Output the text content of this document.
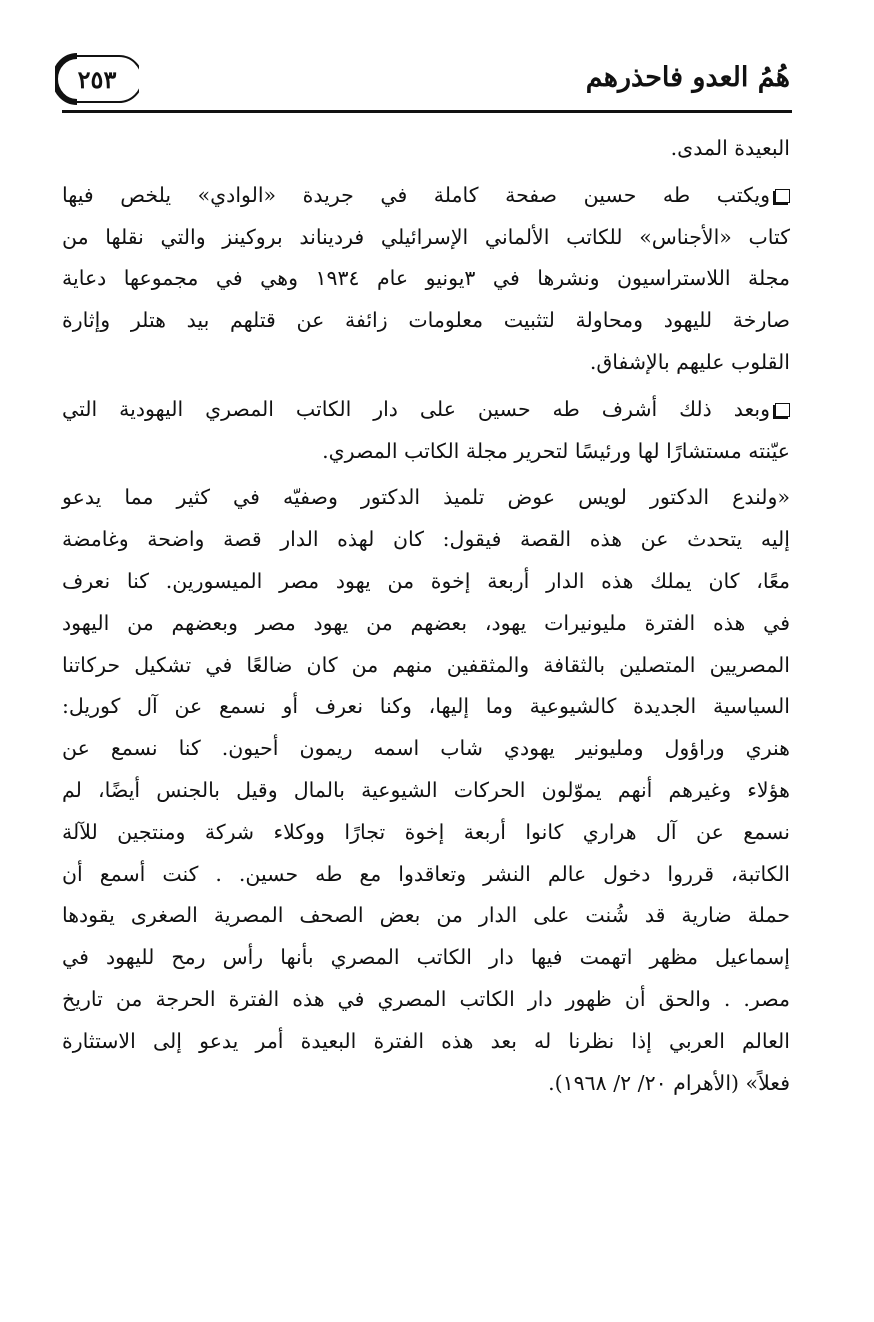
هُمُ العدو فاحذرهم
٢٥٣

البعيدة المدى.

ويكتب طه حسين صفحة كاملة في جريدة «الوادي» يلخص فيها
كتاب «الأجناس» للكاتب الألماني الإسرائيلي فرديناند بروكينز والتي نقلها من
مجلة اللاستراسيون ونشرها في ٣يونيو عام ١٩٣٤ وهي في مجموعها دعاية
صارخة لليهود ومحاولة لتثبيت معلومات زائفة عن قتلهم بيد هتلر وإثارة
القلوب عليهم بالإشفاق.

وبعد ذلك أشرف طه حسين على دار الكاتب المصري اليهودية التي
عيّنته مستشارًا لها ورئيسًا لتحرير مجلة الكاتب المصري.

«ولندع الدكتور لويس عوض تلميذ الدكتور وصفيّه في كثير مما يدعو
إليه يتحدث عن هذه القصة فيقول: كان لهذه الدار قصة واضحة وغامضة
معًا، كان يملك هذه الدار أربعة إخوة من يهود مصر الميسورين. كنا نعرف
في هذه الفترة مليونيرات يهود، بعضهم من يهود مصر وبعضهم من اليهود
المصريين المتصلين بالثقافة والمثقفين منهم من كان ضالعًا في تشكيل حركاتنا
السياسية الجديدة كالشيوعية وما إليها، وكنا نعرف أو نسمع عن آل كوريل:
هنري وراؤول ومليونير يهودي شاب اسمه ريمون أحيون. كنا نسمع عن
هؤلاء وغيرهم أنهم يموّلون الحركات الشيوعية بالمال وقيل بالجنس أيضًا، لم
نسمع عن آل هراري كانوا أربعة إخوة تجارًا ووكلاء شركة ومنتجين للآلة
الكاتبة، قرروا دخول عالم النشر وتعاقدوا مع طه حسين. . كنت أسمع أن
حملة ضارية قد شُنت على الدار من بعض الصحف المصرية الصغرى يقودها
إسماعيل مظهر اتهمت فيها دار الكاتب المصري بأنها رأس رمح لليهود في
مصر. . والحق أن ظهور دار الكاتب المصري في هذه الفترة الحرجة من تاريخ
العالم العربي إذا نظرنا له بعد هذه الفترة البعيدة أمر يدعو إلى الاستثارة
فعلاً» (الأهرام ٢٠/ ٢/ ١٩٦٨).
